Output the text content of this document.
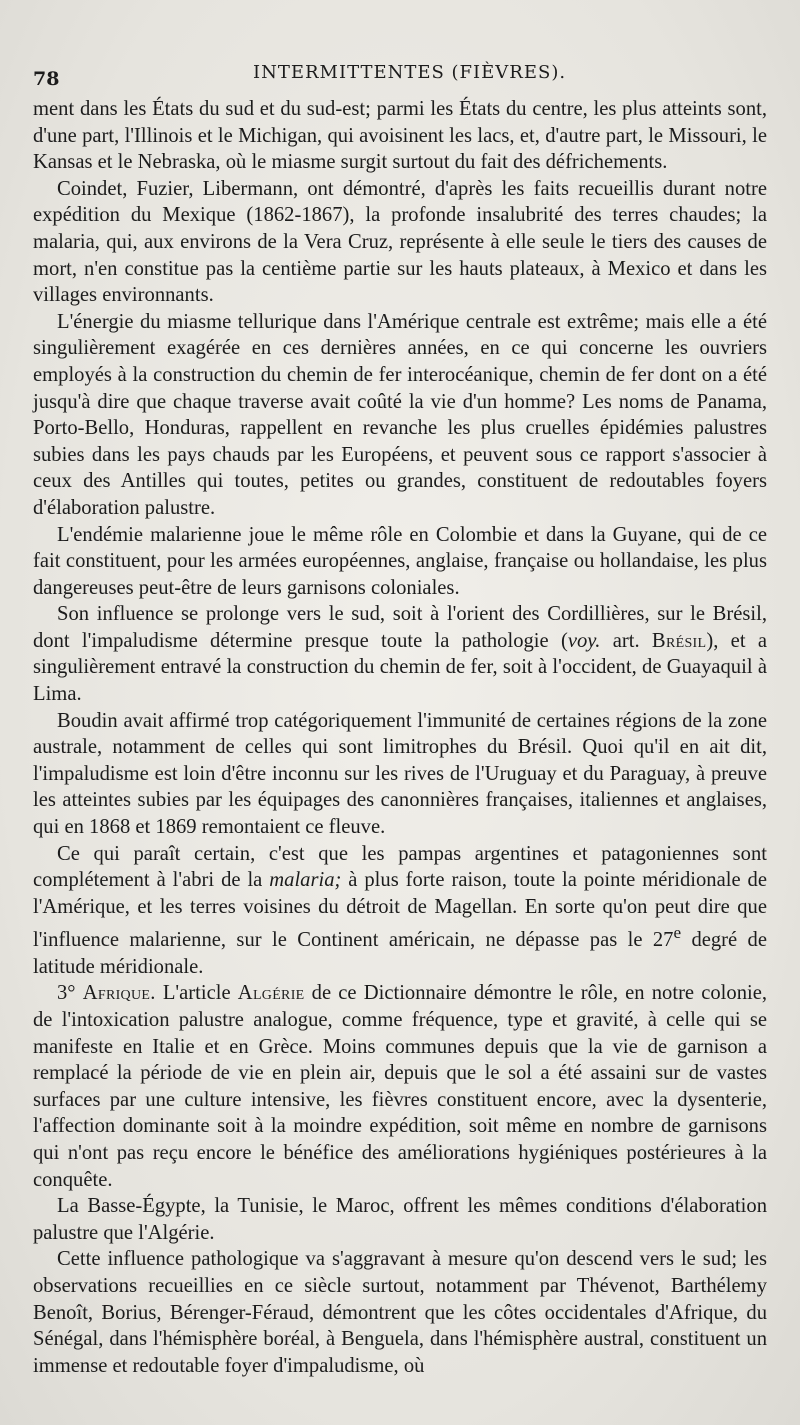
78	INTERMITTENTES (FIÈVRES).

ment dans les États du sud et du sud-est; parmi les États du centre, les plus atteints sont, d'une part, l'Illinois et le Michigan, qui avoisinent les lacs, et, d'autre part, le Missouri, le Kansas et le Nebraska, où le miasme surgit surtout du fait des défrichements.

Coindet, Fuzier, Libermann, ont démontré, d'après les faits recueillis durant notre expédition du Mexique (1862-1867), la profonde insalubrité des terres chaudes; la malaria, qui, aux environs de la Vera Cruz, représente à elle seule le tiers des causes de mort, n'en constitue pas la centième partie sur les hauts plateaux, à Mexico et dans les villages environnants.

L'énergie du miasme tellurique dans l'Amérique centrale est extrême; mais elle a été singulièrement exagérée en ces dernières années, en ce qui concerne les ouvriers employés à la construction du chemin de fer interocéanique, chemin de fer dont on a été jusqu'à dire que chaque traverse avait coûté la vie d'un homme? Les noms de Panama, Porto-Bello, Honduras, rappellent en revanche les plus cruelles épidémies palustres subies dans les pays chauds par les Européens, et peuvent sous ce rapport s'associer à ceux des Antilles qui toutes, petites ou grandes, constituent de redoutables foyers d'élaboration palustre.

L'endémie malarienne joue le même rôle en Colombie et dans la Guyane, qui de ce fait constituent, pour les armées européennes, anglaise, française ou hollandaise, les plus dangereuses peut-être de leurs garnisons coloniales.

Son influence se prolonge vers le sud, soit à l'orient des Cordillières, sur le Brésil, dont l'impaludisme détermine presque toute la pathologie (voy. art. Brésil), et a singulièrement entravé la construction du chemin de fer, soit à l'occident, de Guayaquil à Lima.

Boudin avait affirmé trop catégoriquement l'immunité de certaines régions de la zone australe, notamment de celles qui sont limitrophes du Brésil. Quoi qu'il en ait dit, l'impaludisme est loin d'être inconnu sur les rives de l'Uruguay et du Paraguay, à preuve les atteintes subies par les équipages des canonnières françaises, italiennes et anglaises, qui en 1868 et 1869 remontaient ce fleuve.

Ce qui paraît certain, c'est que les pampas argentines et patagoniennes sont complétement à l'abri de la malaria; à plus forte raison, toute la pointe méridionale de l'Amérique, et les terres voisines du détroit de Magellan. En sorte qu'on peut dire que l'influence malarienne, sur le Continent américain, ne dépasse pas le 27e degré de latitude méridionale.

3° Afrique. L'article Algérie de ce Dictionnaire démontre le rôle, en notre colonie, de l'intoxication palustre analogue, comme fréquence, type et gravité, à celle qui se manifeste en Italie et en Grèce. Moins communes depuis que la vie de garnison a remplacé la période de vie en plein air, depuis que le sol a été assaini sur de vastes surfaces par une culture intensive, les fièvres constituent encore, avec la dysenterie, l'affection dominante soit à la moindre expédition, soit même en nombre de garnisons qui n'ont pas reçu encore le bénéfice des améliorations hygiéniques postérieures à la conquête.

La Basse-Égypte, la Tunisie, le Maroc, offrent les mêmes conditions d'élaboration palustre que l'Algérie.

Cette influence pathologique va s'aggravant à mesure qu'on descend vers le sud; les observations recueillies en ce siècle surtout, notamment par Thévenot, Barthélemy Benoît, Borius, Bérenger-Féraud, démontrent que les côtes occidentales d'Afrique, du Sénégal, dans l'hémisphère boréal, à Benguela, dans l'hémisphère austral, constituent un immense et redoutable foyer d'impaludisme, où
